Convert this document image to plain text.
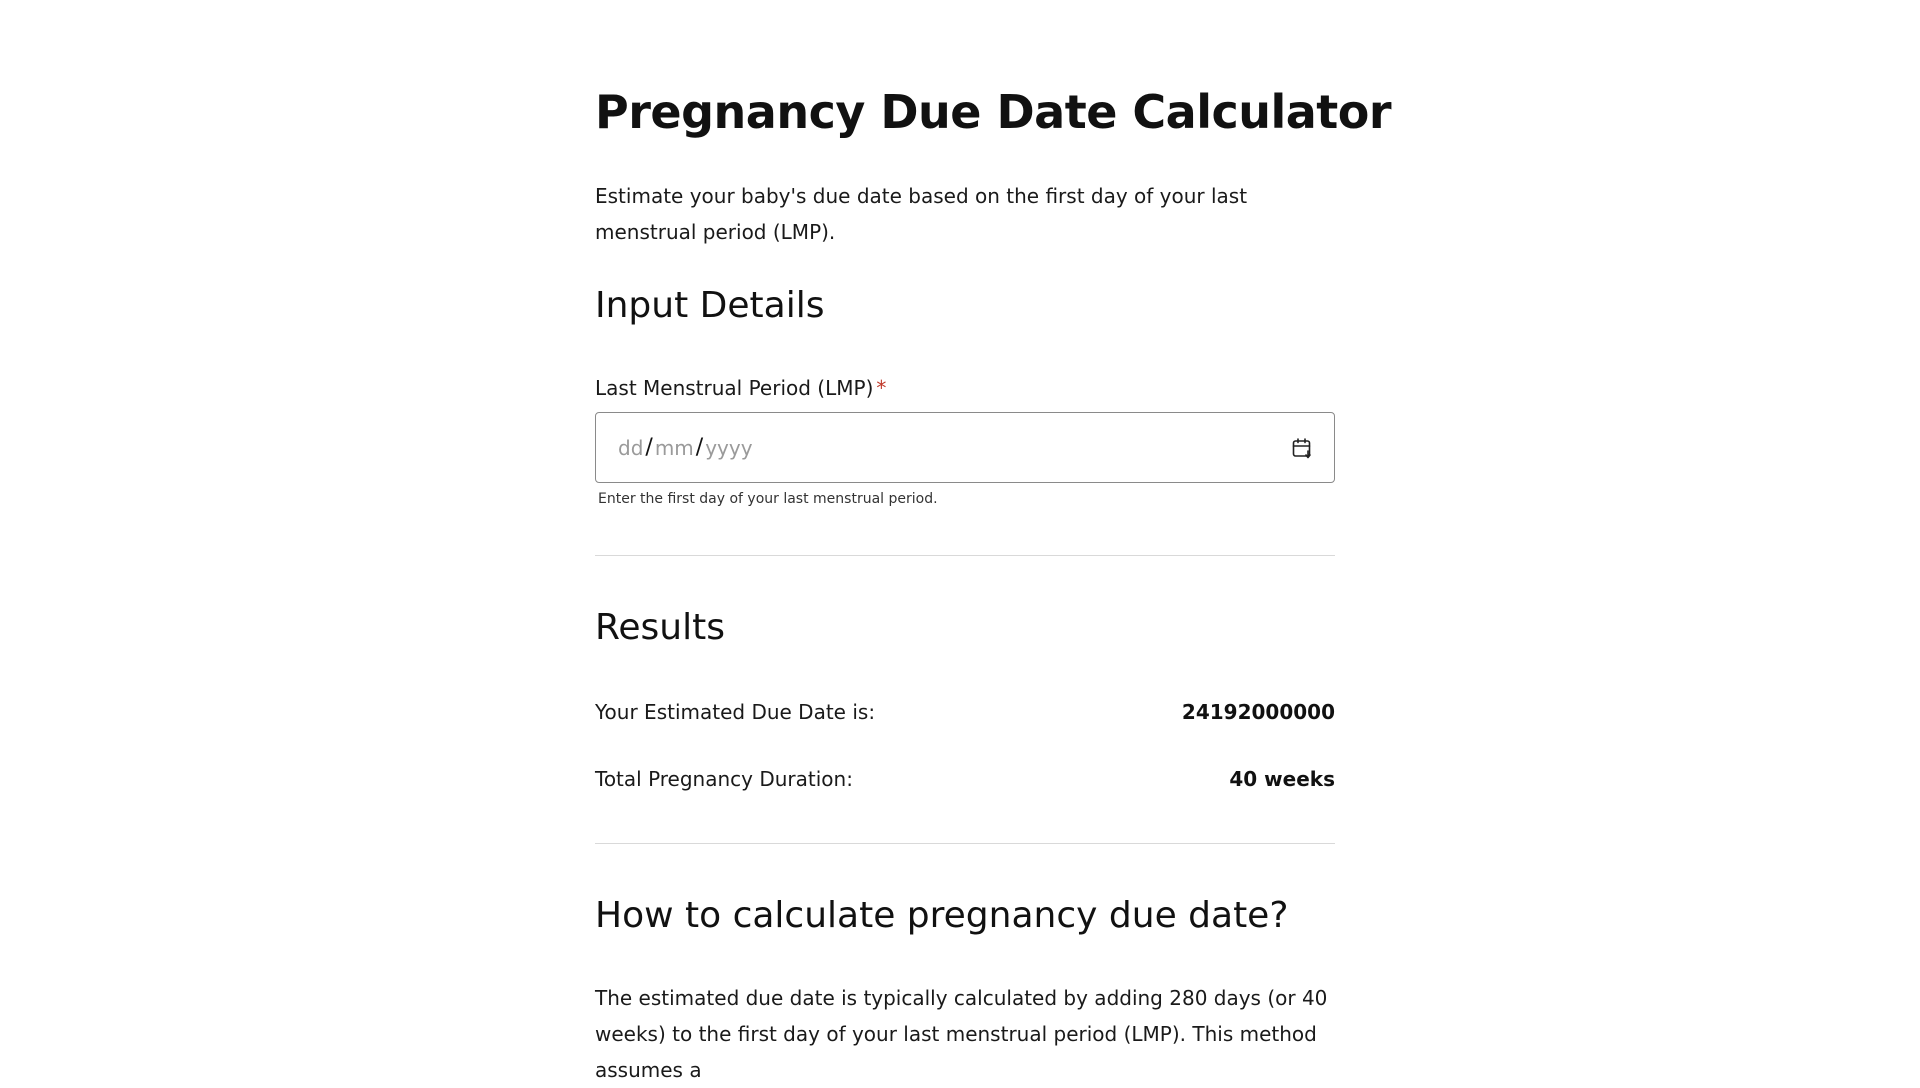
Pregnancy Due Date Calculator

Estimate your baby's due date based on the first day of your last menstrual period (LMP).

Input Details
Last Menstrual Period (LMP) *
dd / mm / yyyy
Enter the first day of your last menstrual period.
Results
Your Estimated Due Date is:	24192000000
Total Pregnancy Duration:	40 weeks
How to calculate pregnancy due date?

The estimated due date is typically calculated by adding 280 days (or 40 weeks) to the first day of your last menstrual period (LMP). This method assumes a
